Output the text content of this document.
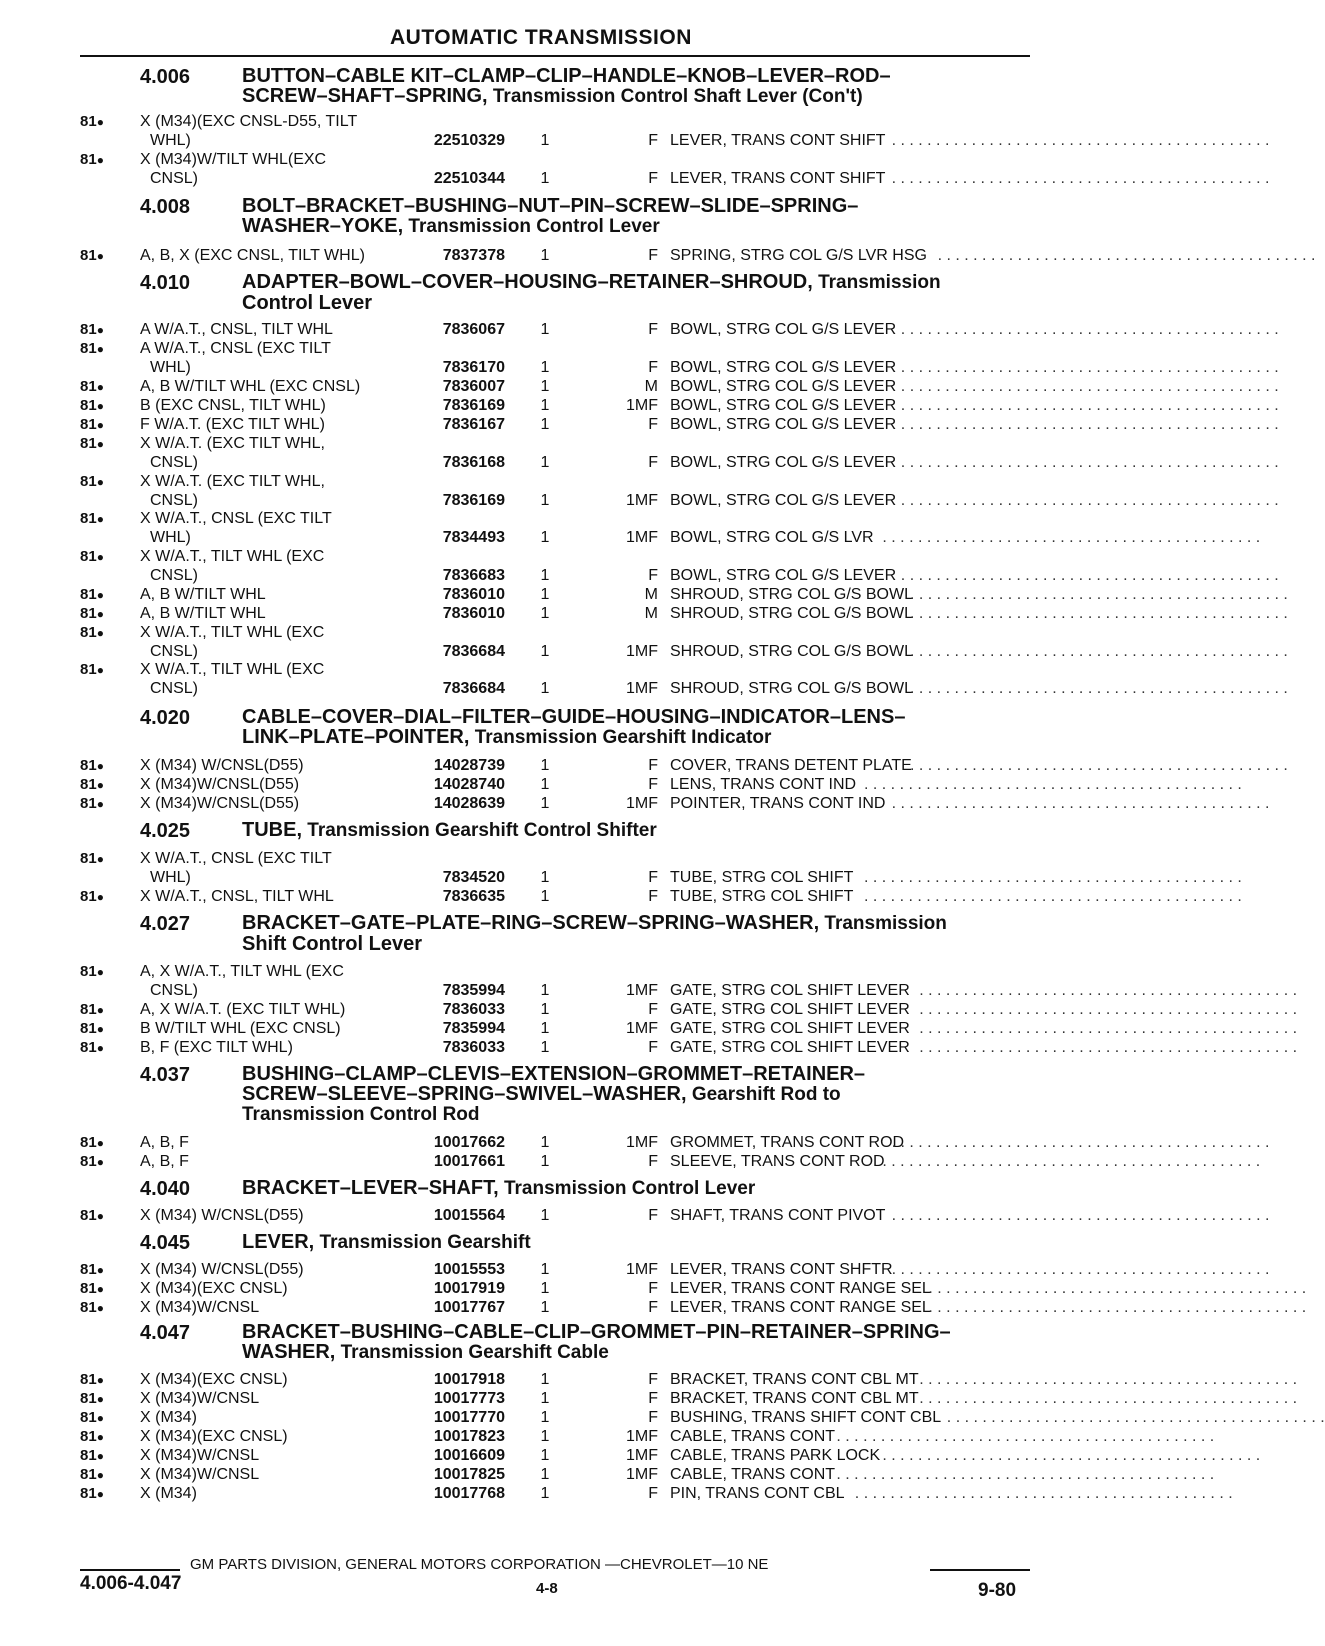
AUTOMATIC TRANSMISSION
4.006	BUTTON–CABLE KIT–CLAMP–CLIP–HANDLE–KNOB–LEVER–ROD–
SCREW–SHAFT–SPRING, Transmission Control Shaft Lever (Con't)
81● X (M34)(EXC CNSL-D55, TILT
WHL)	22510329	1	F LEVER, TRANS CONT SHIFT . . . . . . . . . . . . . . . . . . . . . . . . . . . . . . . . . . . . . . . . . . .
81● X (M34)W/TILT WHL(EXC
CNSL)	22510344	1	F LEVER, TRANS CONT SHIFT . . . . . . . . . . . . . . . . . . . . . . . . . . . . . . . . . . . . . . . . . . .
4.008	BOLT–BRACKET–BUSHING–NUT–PIN–SCREW–SLIDE–SPRING–
WASHER–YOKE, Transmission Control Lever
81● A, B, X (EXC CNSL, TILT WHL)	7837378	1	F SPRING, STRG COL G/S LVR HSG . . . . . . . . . . . . . . . . . . . . . . . . . . . . . . . . . . . . . . . . . . .
4.010	ADAPTER–BOWL–COVER–HOUSING–RETAINER–SHROUD, Transmission
Control Lever
81● A W/A.T., CNSL, TILT WHL	7836067	1	F BOWL, STRG COL G/S LEVER . . . . . . . . . . . . . . . . . . . . . . . . . . . . . . . . . . . . . . . . . . .
81● A W/A.T., CNSL (EXC TILT
WHL)	7836170	1	F BOWL, STRG COL G/S LEVER . . . . . . . . . . . . . . . . . . . . . . . . . . . . . . . . . . . . . . . . . . .
81● A, B W/TILT WHL (EXC CNSL)	7836007	1	M BOWL, STRG COL G/S LEVER . . . . . . . . . . . . . . . . . . . . . . . . . . . . . . . . . . . . . . . . . . .
81● B (EXC CNSL, TILT WHL)	7836169	1	1MF BOWL, STRG COL G/S LEVER . . . . . . . . . . . . . . . . . . . . . . . . . . . . . . . . . . . . . . . . . . .
81● F W/A.T. (EXC TILT WHL)	7836167	1	F BOWL, STRG COL G/S LEVER . . . . . . . . . . . . . . . . . . . . . . . . . . . . . . . . . . . . . . . . . . .
81● X W/A.T. (EXC TILT WHL,
CNSL)	7836168	1	F BOWL, STRG COL G/S LEVER . . . . . . . . . . . . . . . . . . . . . . . . . . . . . . . . . . . . . . . . . . .
81● X W/A.T. (EXC TILT WHL,
CNSL)	7836169	1	1MF BOWL, STRG COL G/S LEVER . . . . . . . . . . . . . . . . . . . . . . . . . . . . . . . . . . . . . . . . . . .
81● X W/A.T., CNSL (EXC TILT
WHL)	7834493	1	1MF BOWL, STRG COL G/S LVR . . . . . . . . . . . . . . . . . . . . . . . . . . . . . . . . . . . . . . . . . . .
81● X W/A.T., TILT WHL (EXC
CNSL)	7836683	1	F BOWL, STRG COL G/S LEVER . . . . . . . . . . . . . . . . . . . . . . . . . . . . . . . . . . . . . . . . . . .
81● A, B W/TILT WHL	7836010	1	M SHROUD, STRG COL G/S BOWL
. . . . . . . . . . . . . . . . . . . . . . . . . . . . . . . . . . . . . . . . . . .
81● A, B W/TILT WHL	7836010	1	M SHROUD, STRG COL G/S BOWL
. . . . . . . . . . . . . . . . . . . . . . . . . . . . . . . . . . . . . . . . . . .
81● X W/A.T., TILT WHL (EXC
CNSL)	7836684	1	1MF SHROUD, STRG COL G/S BOWL
. . . . . . . . . . . . . . . . . . . . . . . . . . . . . . . . . . . . . . . . . . .
81● X W/A.T., TILT WHL (EXC
CNSL)	7836684	1	1MF SHROUD, STRG COL G/S BOWL
. . . . . . . . . . . . . . . . . . . . . . . . . . . . . . . . . . . . . . . . . . .
4.020	CABLE–COVER–DIAL–FILTER–GUIDE–HOUSING–INDICATOR–LENS–
LINK–PLATE–POINTER, Transmission Gearshift Indicator
81● X (M34) W/CNSL(D55)	14028739	1	F COVER, TRANS DETENT PLATE
. . . . . . . . . . . . . . . . . . . . . . . . . . . . . . . . . . . . . . . . . . .
81● X (M34)W/CNSL(D55)	14028740	1	F LENS, TRANS CONT IND . . . . . . . . . . . . . . . . . . . . . . . . . . . . . . . . . . . . . . . . . . .
81● X (M34)W/CNSL(D55)	14028639	1	1MF POINTER, TRANS CONT IND . . . . . . . . . . . . . . . . . . . . . . . . . . . . . . . . . . . . . . . . . . .
4.025	TUBE, Transmission Gearshift Control Shifter
81● X W/A.T., CNSL (EXC TILT
WHL)	7834520	1	F TUBE, STRG COL SHIFT . . . . . . . . . . . . . . . . . . . . . . . . . . . . . . . . . . . . . . . . . . .
81● X W/A.T., CNSL, TILT WHL	7836635	1	F TUBE, STRG COL SHIFT . . . . . . . . . . . . . . . . . . . . . . . . . . . . . . . . . . . . . . . . . . .
4.027	BRACKET–GATE–PLATE–RING–SCREW–SPRING–WASHER, Transmission
Shift Control Lever
81● A, X W/A.T., TILT WHL (EXC
CNSL)	7835994	1	1MF GATE, STRG COL SHIFT LEVER . . . . . . . . . . . . . . . . . . . . . . . . . . . . . . . . . . . . . . . . . . .
81● A, X W/A.T. (EXC TILT WHL)	7836033	1	F GATE, STRG COL SHIFT LEVER . . . . . . . . . . . . . . . . . . . . . . . . . . . . . . . . . . . . . . . . . . .
81● B W/TILT WHL (EXC CNSL)	7835994	1	1MF GATE, STRG COL SHIFT LEVER . . . . . . . . . . . . . . . . . . . . . . . . . . . . . . . . . . . . . . . . . . .
81● B, F (EXC TILT WHL)	7836033	1	F GATE, STRG COL SHIFT LEVER . . . . . . . . . . . . . . . . . . . . . . . . . . . . . . . . . . . . . . . . . . .
4.037	BUSHING–CLAMP–CLEVIS–EXTENSION–GROMMET–RETAINER–
SCREW–SLEEVE–SPRING–SWIVEL–WASHER, Gearshift Rod to
Transmission Control Rod
81● A, B, F	10017662	1	1MF GROMMET, TRANS CONT ROD
. . . . . . . . . . . . . . . . . . . . . . . . . . . . . . . . . . . . . . . . . . .
81● A, B, F	10017661	1	F SLEEVE, TRANS CONT ROD
. . . . . . . . . . . . . . . . . . . . . . . . . . . . . . . . . . . . . . . . . . .
4.040	BRACKET–LEVER–SHAFT, Transmission Control Lever
81● X (M34) W/CNSL(D55)	10015564	1	F SHAFT, TRANS CONT PIVOT . . . . . . . . . . . . . . . . . . . . . . . . . . . . . . . . . . . . . . . . . . .
4.045	LEVER, Transmission Gearshift
81● X (M34) W/CNSL(D55)	10015553	1	1MF LEVER, TRANS CONT SHFTR . . . . . . . . . . . . . . . . . . . . . . . . . . . . . . . . . . . . . . . . . . .
81● X (M34)(EXC CNSL)	10017919	1	F LEVER, TRANS CONT RANGE SEL
. . . . . . . . . . . . . . . . . . . . . . . . . . . . . . . . . . . . . . . . . . .
81● X (M34)W/CNSL	10017767	1	F LEVER, TRANS CONT RANGE SEL
. . . . . . . . . . . . . . . . . . . . . . . . . . . . . . . . . . . . . . . . . . .
4.047	BRACKET–BUSHING–CABLE–CLIP–GROMMET–PIN–RETAINER–SPRING–
WASHER, Transmission Gearshift Cable
81● X (M34)(EXC CNSL)	10017918	1	F BRACKET, TRANS CONT CBL MT . . . . . . . . . . . . . . . . . . . . . . . . . . . . . . . . . . . . . . . . . . .
81● X (M34)W/CNSL	10017773	1	F BRACKET, TRANS CONT CBL MT . . . . . . . . . . . . . . . . . . . . . . . . . . . . . . . . . . . . . . . . . . .
81● X (M34)	10017770	1	F BUSHING, TRANS SHIFT CONT CBL . . . . . . . . . . . . . . . . . . . . . . . . . . . . . . . . . . . . . . . . . . .
81● X (M34)(EXC CNSL)	10017823	1	1MF CABLE, TRANS CONT . . . . . . . . . . . . . . . . . . . . . . . . . . . . . . . . . . . . . . . . . . .
81● X (M34)W/CNSL	10016609	1	1MF CABLE, TRANS PARK LOCK . . . . . . . . . . . . . . . . . . . . . . . . . . . . . . . . . . . . . . . . . . .
81● X (M34)W/CNSL	10017825	1	1MF CABLE, TRANS CONT . . . . . . . . . . . . . . . . . . . . . . . . . . . . . . . . . . . . . . . . . . .
81● X (M34)	10017768	1	F PIN, TRANS CONT CBL . . . . . . . . . . . . . . . . . . . . . . . . . . . . . . . . . . . . . . . . . . .
GM PARTS DIVISION, GENERAL MOTORS CORPORATION —CHEVROLET—10 NE
4.006-4.047	4-8	9-80
